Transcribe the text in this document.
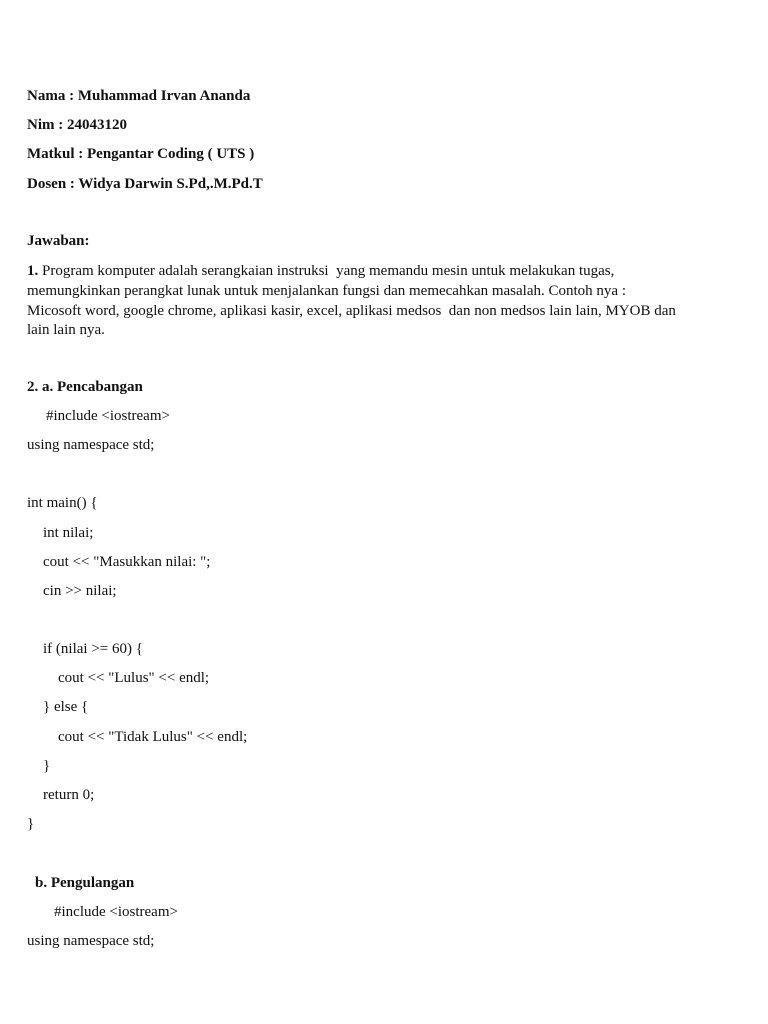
Nama : Muhammad Irvan Ananda
Nim : 24043120
Matkul : Pengantar Coding ( UTS )
Dosen : Widya Darwin S.Pd,.M.Pd.T
Jawaban:
1. Program komputer adalah serangkaian instruksi  yang memandu mesin untuk melakukan tugas,
memungkinkan perangkat lunak untuk menjalankan fungsi dan memecahkan masalah. Contoh nya :
Micosoft word, google chrome, aplikasi kasir, excel, aplikasi medsos  dan non medsos lain lain, MYOB dan
lain lain nya.
2. a. Pencabangan
#include <iostream>
using namespace std;
int main() {
int nilai;
cout << "Masukkan nilai: ";
cin >> nilai;
if (nilai >= 60) {
cout << "Lulus" << endl;
} else {
cout << "Tidak Lulus" << endl;
}
return 0;
}
b. Pengulangan
#include <iostream>
using namespace std;
